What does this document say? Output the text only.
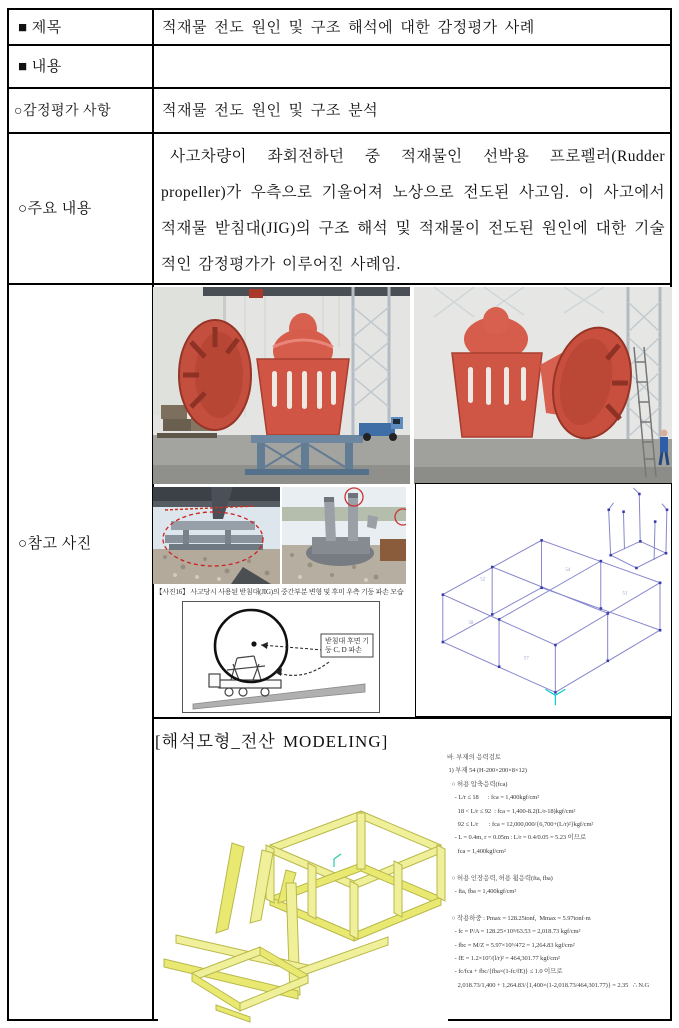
■ 제목	적재물 전도 원인 및 구조 해석에 대한 감정평가 사례
■ 내용
○감정평가 사항	적재물 전도 원인 및 구조 분석
○주요 내용
사고차량이 좌회전하던 중 적재물인 선박용 프로펠러(Rudder propeller)가 우측으로 기울어져 노상으로 전도된 사고임. 이 사고에서 적재물 받침대(JIG)의 구조 해석 및 적재물이 전도된 원인에 대한 기술적인 감정평가가 이루어진 사례임.
○참고 사진
【사진16】 사고당시 사용된 받침대(JIG)의 중간부분 변형 및 후미 우측 기둥 파손 모습
받침대 후면 기
둥 C, D 파손
52
54
57
51
58
[해석모형_전산 MODELING]
바. 부재의 응력검토
1) 부재 54 (H-200×200×8×12)
○ 허용 압축응력(fca)
- L/r ≤ 18      : fca = 1,400kgf/cm²
18 < L/r ≤ 92  : fca = 1,400-8.2(L/r-18)kgf/cm²
92 ≤ L/r       : fca = 12,000,000/{6,700+(L/r)²}kgf/cm²
- L = 0.4m, r = 0.05m : L/r = 0.4/0.05 = 5.23 이므로
fca = 1,400kgf/cm²
○ 허용 인장응력, 허용 휨응력(fta, fba)
- fta, fba = 1,400kgf/cm²
○ 작용하중 : Pmax = 128.25tonf,  Mmax = 5.97tonf·m
- fc = P/A = 128.25×10³/63.53 = 2,018.73 kgf/cm²
- fbc = M/Z = 5.97×10⁵/472 = 1,264.83 kgf/cm²
- fE = 1.2×10⁷/(l/r)² = 464,301.77 kgf/cm²
- fc/fca + fbc/{fba×(1-fc/fE)} ≤ 1.0 이므로
2,018.73/1,400 + 1,264.83/{1,400×(1-2,018.73/464,301.77)} = 2.35   ∴ N.G
